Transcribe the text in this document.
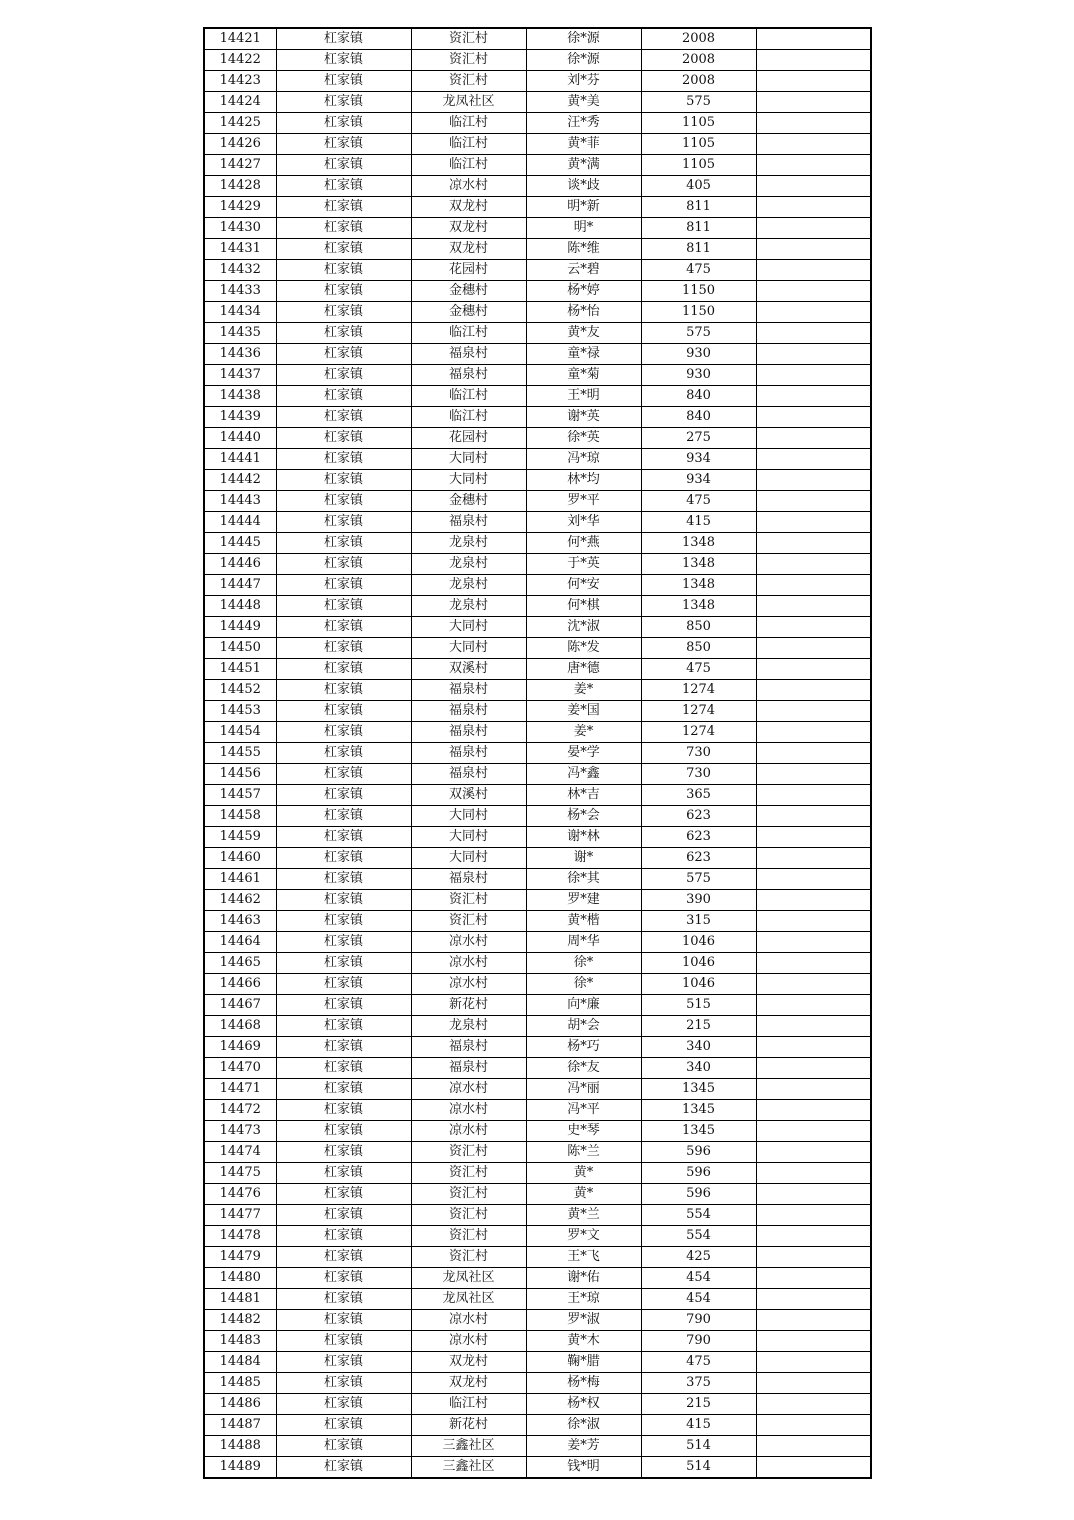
14421	杠家镇	资汇村	徐*源	2008	
14422	杠家镇	资汇村	徐*源	2008	
14423	杠家镇	资汇村	刘*芬	2008	
14424	杠家镇	龙凤社区	黄*美	575	
14425	杠家镇	临江村	汪*秀	1105	
14426	杠家镇	临江村	黄*菲	1105	
14427	杠家镇	临江村	黄*满	1105	
14428	杠家镇	凉水村	谈*歧	405	
14429	杠家镇	双龙村	明*新	811	
14430	杠家镇	双龙村	明*	811	
14431	杠家镇	双龙村	陈*维	811	
14432	杠家镇	花园村	云*碧	475	
14433	杠家镇	金穗村	杨*婷	1150	
14434	杠家镇	金穗村	杨*怡	1150	
14435	杠家镇	临江村	黄*友	575	
14436	杠家镇	福泉村	童*禄	930	
14437	杠家镇	福泉村	童*菊	930	
14438	杠家镇	临江村	王*明	840	
14439	杠家镇	临江村	谢*英	840	
14440	杠家镇	花园村	徐*英	275	
14441	杠家镇	大同村	冯*琼	934	
14442	杠家镇	大同村	林*均	934	
14443	杠家镇	金穗村	罗*平	475	
14444	杠家镇	福泉村	刘*华	415	
14445	杠家镇	龙泉村	何*燕	1348	
14446	杠家镇	龙泉村	于*英	1348	
14447	杠家镇	龙泉村	何*安	1348	
14448	杠家镇	龙泉村	何*棋	1348	
14449	杠家镇	大同村	沈*淑	850	
14450	杠家镇	大同村	陈*发	850	
14451	杠家镇	双溪村	唐*德	475	
14452	杠家镇	福泉村	姜*	1274	
14453	杠家镇	福泉村	姜*国	1274	
14454	杠家镇	福泉村	姜*	1274	
14455	杠家镇	福泉村	晏*学	730	
14456	杠家镇	福泉村	冯*鑫	730	
14457	杠家镇	双溪村	林*吉	365	
14458	杠家镇	大同村	杨*会	623	
14459	杠家镇	大同村	谢*林	623	
14460	杠家镇	大同村	谢*	623	
14461	杠家镇	福泉村	徐*其	575	
14462	杠家镇	资汇村	罗*建	390	
14463	杠家镇	资汇村	黄*楷	315	
14464	杠家镇	凉水村	周*华	1046	
14465	杠家镇	凉水村	徐*	1046	
14466	杠家镇	凉水村	徐*	1046	
14467	杠家镇	新花村	向*廉	515	
14468	杠家镇	龙泉村	胡*会	215	
14469	杠家镇	福泉村	杨*巧	340	
14470	杠家镇	福泉村	徐*友	340	
14471	杠家镇	凉水村	冯*丽	1345	
14472	杠家镇	凉水村	冯*平	1345	
14473	杠家镇	凉水村	史*琴	1345	
14474	杠家镇	资汇村	陈*兰	596	
14475	杠家镇	资汇村	黄*	596	
14476	杠家镇	资汇村	黄*	596	
14477	杠家镇	资汇村	黄*兰	554	
14478	杠家镇	资汇村	罗*文	554	
14479	杠家镇	资汇村	王*飞	425	
14480	杠家镇	龙凤社区	谢*佑	454	
14481	杠家镇	龙凤社区	王*琼	454	
14482	杠家镇	凉水村	罗*淑	790	
14483	杠家镇	凉水村	黄*木	790	
14484	杠家镇	双龙村	鞠*腊	475	
14485	杠家镇	双龙村	杨*梅	375	
14486	杠家镇	临江村	杨*权	215	
14487	杠家镇	新花村	徐*淑	415	
14488	杠家镇	三鑫社区	姜*芳	514	
14489	杠家镇	三鑫社区	钱*明	514	
